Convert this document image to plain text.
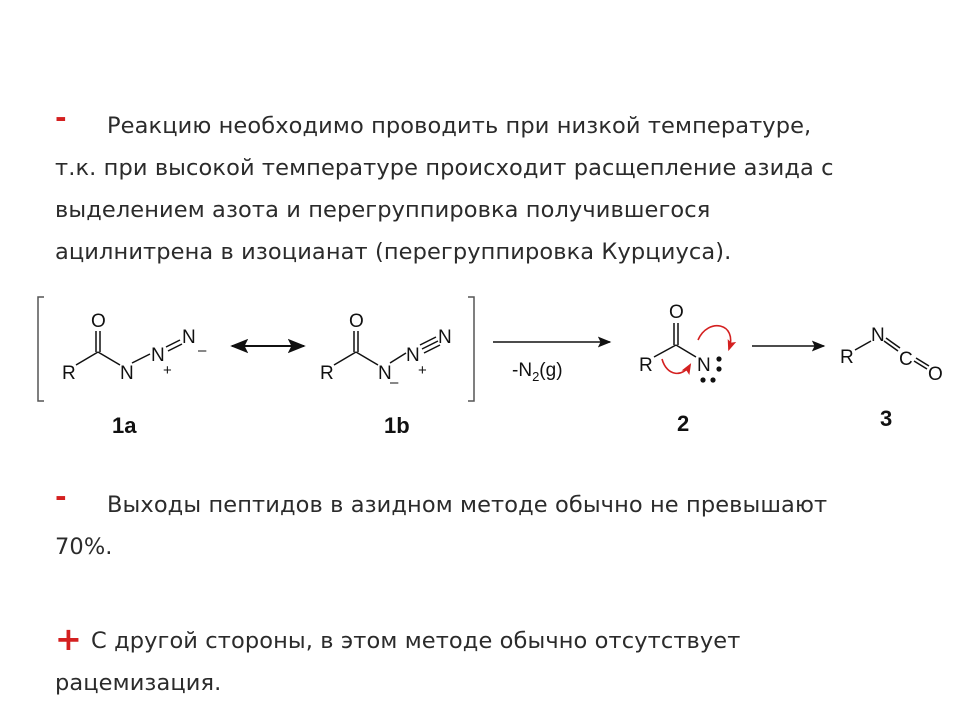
- Реакцию необходимо проводить при низкой температуре,
т.к. при высокой температуре происходит расщепление азида с
выделением азота и перегруппировка получившегося
ацилнитрена в изоцианат (перегруппировка Курциуса).
R
O
N
N
+
N
–
1a
R
O
N
–
N
+
N
1b
$-N_2(g)$	R
O
N
2
R
N
C
O
3
- Выходы пептидов в азидном методе обычно не превышают
70%.
+ С другой стороны, в этом методе обычно отсутствует
рацемизация.
